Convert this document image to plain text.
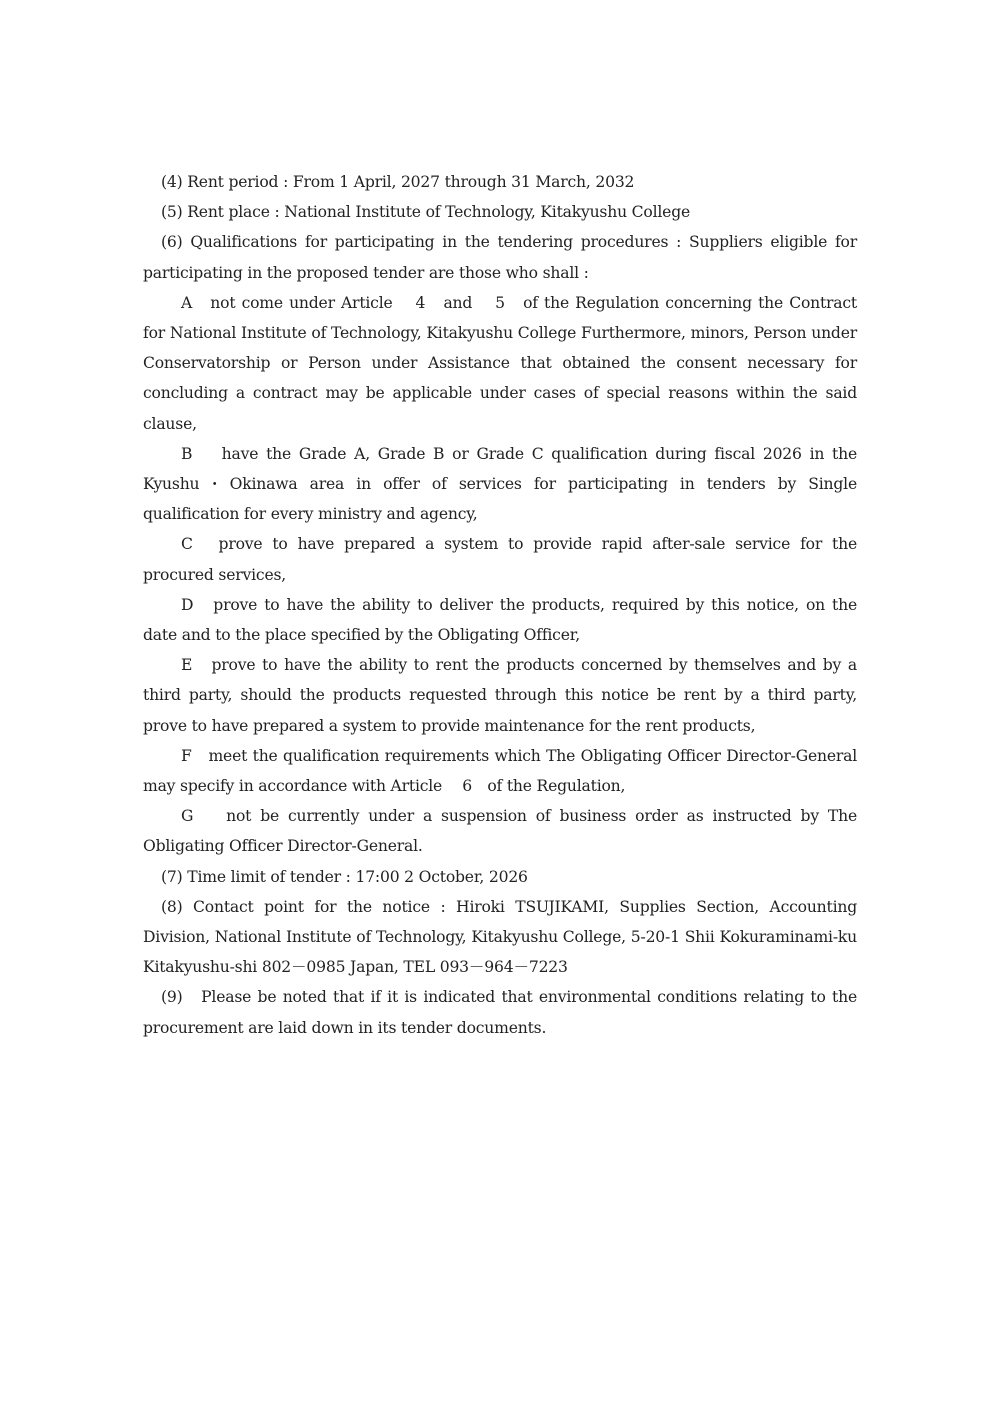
(4) Rent period : From 1 April, 2027 through 31 March, 2032

(5) Rent place : National Institute of Technology, Kitakyushu College

(6) Qualifications for participating in the tendering procedures : Suppliers eligible for participating in the proposed tender are those who shall :

A　not come under Article 　4　and 　5　of the Regulation concerning the Contract for National Institute of Technology, Kitakyushu College Furthermore, minors, Person under Conservatorship or Person under Assistance that obtained the consent necessary for concluding a contract may be applicable under cases of special reasons within the said clause,

B　 have the Grade A, Grade B or Grade C qualification during fiscal 2026 in the Kyushu・Okinawa area in offer of services for participating in tenders by Single qualification for every ministry and agency,

C　prove to have prepared a system to provide rapid after-sale service for the procured services,

D　prove to have the ability to deliver the products, required by this notice, on the date and to the place specified by the Obligating Officer,

E　prove to have the ability to rent the products concerned by themselves and by a third party, should the products requested through this notice be rent by a third party, prove to have prepared a system to provide maintenance for the rent products,

F　meet the qualification requirements which The Obligating Officer Director-General may specify in accordance with Article 　6　of the Regulation,

G　 not be currently under a suspension of business order as instructed by The Obligating Officer Director-General.

(7) Time limit of tender : 17:00 2 October, 2026

(8) Contact point for the notice : Hiroki TSUJIKAMI, Supplies Section, Accounting Division, National Institute of Technology, Kitakyushu College, 5-20-1 Shii Kokuraminami-ku Kitakyushu-shi 802－0985 Japan, TEL 093－964－7223

(9)　Please be noted that if it is indicated that environmental conditions relating to the procurement are laid down in its tender documents.
